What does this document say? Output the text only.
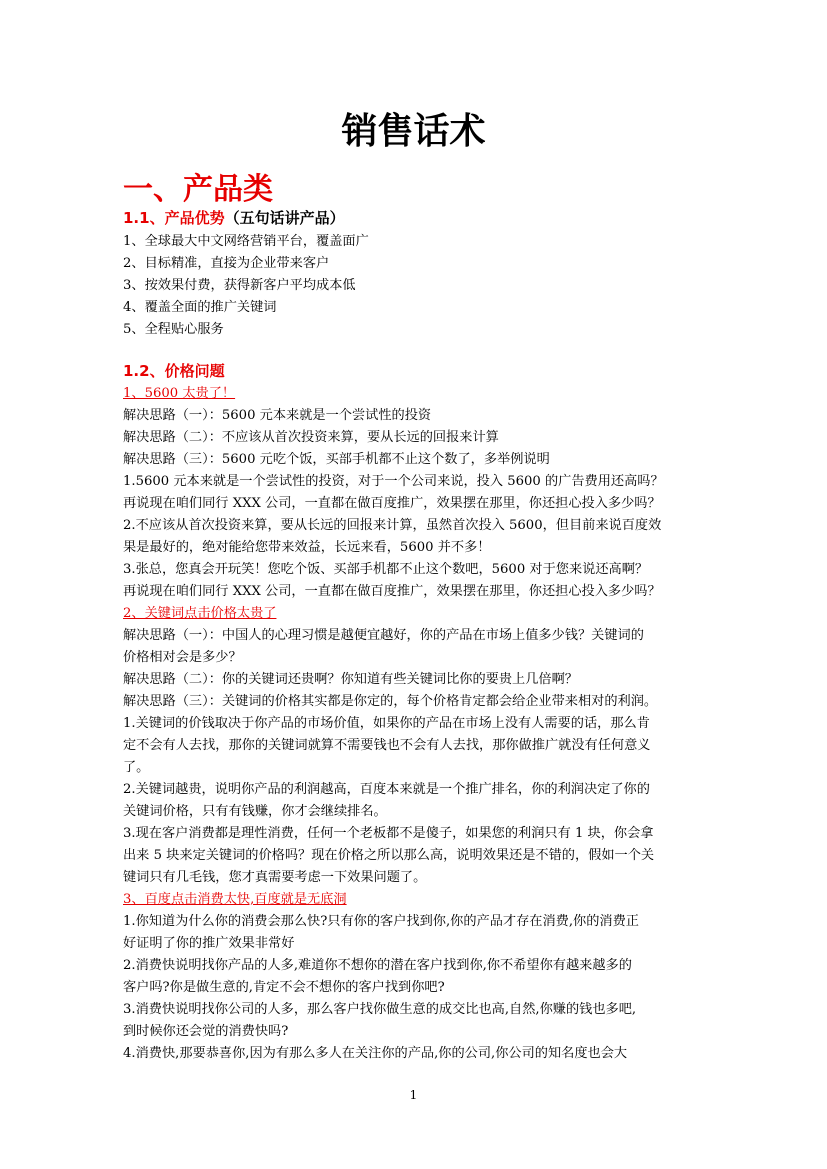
销售话术
一、产品类
1.1、产品优势（五句话讲产品）
1、全球最大中文网络营销平台，覆盖面广
2、目标精准，直接为企业带来客户
3、按效果付费，获得新客户平均成本低
4、覆盖全面的推广关键词
5、全程贴心服务
1.2、价格问题
1、5600 太贵了！
解决思路（一）：5600 元本来就是一个尝试性的投资
解决思路（二）：不应该从首次投资来算，要从长远的回报来计算
解决思路（三）：5600 元吃个饭，买部手机都不止这个数了，多举例说明
1.5600 元本来就是一个尝试性的投资，对于一个公司来说，投入 5600 的广告费用还高吗？
再说现在咱们同行 XXX 公司，一直都在做百度推广，效果摆在那里，你还担心投入多少吗？
2.不应该从首次投资来算，要从长远的回报来计算，虽然首次投入 5600，但目前来说百度效
果是最好的，绝对能给您带来效益，长远来看，5600 并不多！
3.张总，您真会开玩笑！您吃个饭、买部手机都不止这个数吧，5600 对于您来说还高啊？
再说现在咱们同行 XXX 公司，一直都在做百度推广，效果摆在那里，你还担心投入多少吗？
2、关键词点击价格太贵了
解决思路（一）：中国人的心理习惯是越便宜越好，你的产品在市场上值多少钱？关键词的
价格相对会是多少？
解决思路（二）：你的关键词还贵啊？你知道有些关键词比你的要贵上几倍啊？
解决思路（三）：关键词的价格其实都是你定的，每个价格肯定都会给企业带来相对的利润。
1.关键词的价钱取决于你产品的市场价值，如果你的产品在市场上没有人需要的话，那么肯
定不会有人去找，那你的关键词就算不需要钱也不会有人去找，那你做推广就没有任何意义
了。
2.关键词越贵，说明你产品的利润越高，百度本来就是一个推广排名，你的利润决定了你的
关键词价格，只有有钱赚，你才会继续排名。
3.现在客户消费都是理性消费，任何一个老板都不是傻子，如果您的利润只有 1 块，你会拿
出来 5 块来定关键词的价格吗？现在价格之所以那么高，说明效果还是不错的，假如一个关
键词只有几毛钱，您才真需要考虑一下效果问题了。
3、百度点击消费太快,百度就是无底洞
1.你知道为什么你的消费会那么快?只有你的客户找到你,你的产品才存在消费,你的消费正
好证明了你的推广效果非常好
2.消费快说明找你产品的人多,难道你不想你的潜在客户找到你,你不希望你有越来越多的
客户吗?你是做生意的,肯定不会不想你的客户找到你吧?
3.消费快说明找你公司的人多，那么客户找你做生意的成交比也高,自然,你赚的钱也多吧,
到时候你还会觉的消费快吗?
4.消费快,那要恭喜你,因为有那么多人在关注你的产品,你的公司,你公司的知名度也会大
1
